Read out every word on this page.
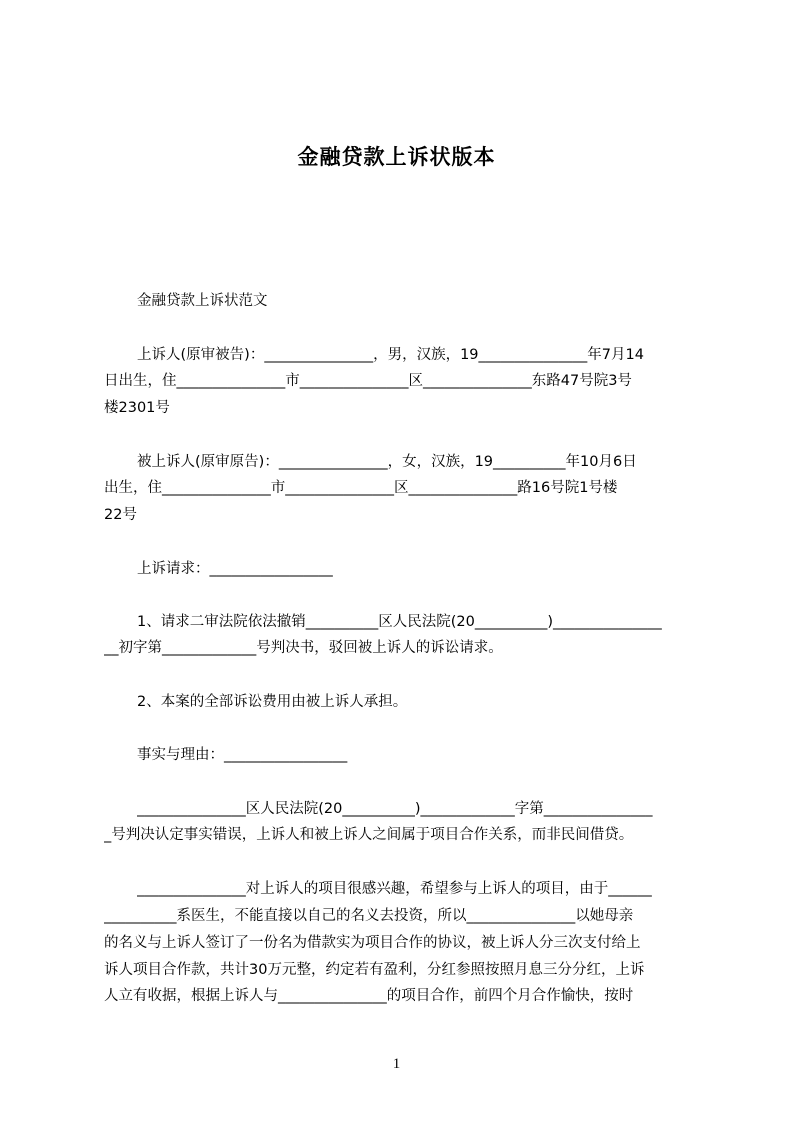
金融贷款上诉状版本
金融贷款上诉状范文
上诉人(原审被告)：_______________，男，汉族，19_______________年7月14
日出生，住_______________市_______________区_______________东路47号院3号
楼2301号
被上诉人(原审原告)：_______________，女，汉族，19__________年10月6日
出生，住_______________市_______________区_______________路16号院1号楼
22号
上诉请求：_________________
1、请求二审法院依法撤销__________区人民法院(20__________)_______________
__初字第_____________号判决书，驳回被上诉人的诉讼请求。
2、本案的全部诉讼费用由被上诉人承担。
事实与理由：_________________
_______________区人民法院(20__________)_____________字第_______________
_号判决认定事实错误，上诉人和被上诉人之间属于项目合作关系，而非民间借贷。
_______________对上诉人的项目很感兴趣，希望参与上诉人的项目，由于______
__________系医生，不能直接以自己的名义去投资，所以_______________以她母亲
的名义与上诉人签订了一份名为借款实为项目合作的协议，被上诉人分三次支付给上
诉人项目合作款，共计30万元整，约定若有盈利，分红参照按照月息三分分红，上诉
人立有收据，根据上诉人与_______________的项目合作，前四个月合作愉快，按时
1
